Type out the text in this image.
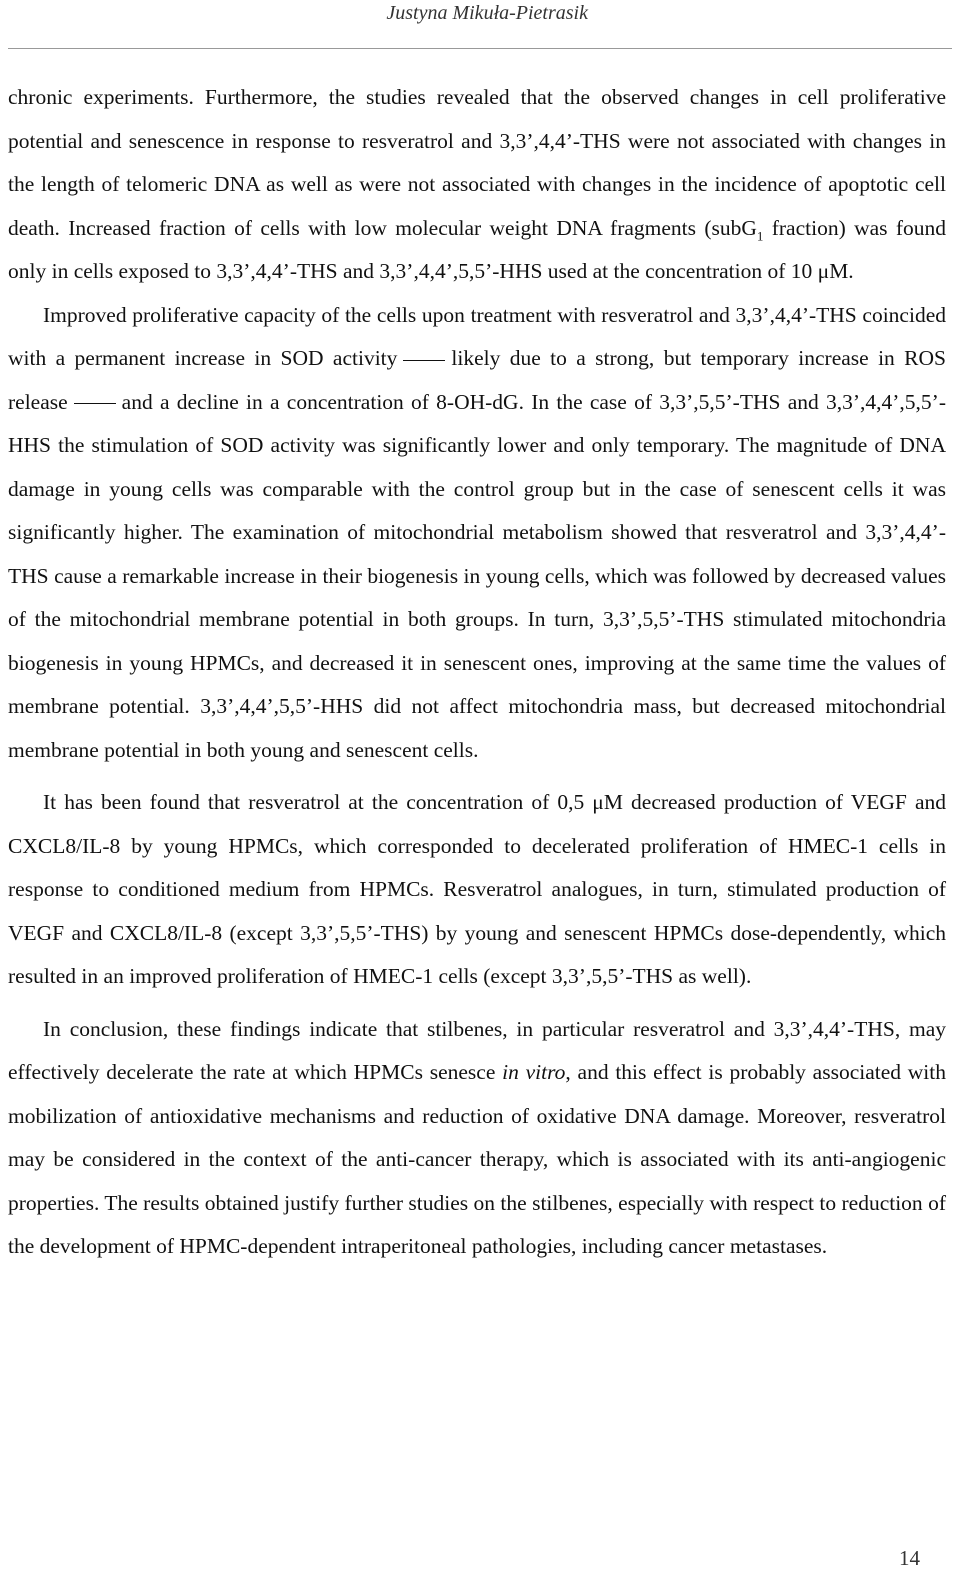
Justyna Mikuła-Pietrasik

chronic experiments. Furthermore, the studies revealed that the observed changes in cell proliferative potential and senescence in response to resveratrol and 3,3’,4,4’-THS were not associated with changes in the length of telomeric DNA as well as were not associated with changes in the incidence of apoptotic cell death. Increased fraction of cells with low molecular weight DNA fragments (subG$_1$ fraction) was found only in cells exposed to 3,3’,4,4’-THS and 3,3’,4,4’,5,5’-HHS used at the concentration of 10 μM.

Improved proliferative capacity of the cells upon treatment with resveratrol and 3,3’,4,4’-THS coincided with a permanent increase in SOD activity	likely due to a strong, but temporary increase in ROS release	and a decline in a concentration of 8-OH-dG. In the case of 3,3’,5,5’-THS and 3,3’,4,4’,5,5’-HHS the stimulation of SOD activity was significantly lower and only temporary. The magnitude of DNA damage in young cells was comparable with the control group but in the case of senescent cells it was significantly higher. The examination of mitochondrial metabolism showed that resveratrol and 3,3’,4,4’-THS cause a remarkable increase in their biogenesis in young cells, which was followed by decreased values of the mitochondrial membrane potential in both groups. In turn, 3,3’,5,5’-THS stimulated mitochondria biogenesis in young HPMCs, and decreased it in senescent ones, improving at the same time the values of membrane potential. 3,3’,4,4’,5,5’-HHS did not affect mitochondria mass, but decreased mitochondrial membrane potential in both young and senescent cells.

It has been found that resveratrol at the concentration of 0,5 μM decreased production of VEGF and CXCL8/IL-8 by young HPMCs, which corresponded to decelerated proliferation of HMEC-1 cells in response to conditioned medium from HPMCs. Resveratrol analogues, in turn, stimulated production of VEGF and CXCL8/IL-8 (except 3,3’,5,5’-THS) by young and senescent HPMCs dose-dependently, which resulted in an improved proliferation of HMEC-1 cells (except 3,3’,5,5’-THS as well).

In conclusion, these findings indicate that stilbenes, in particular resveratrol and 3,3’,4,4’-THS, may effectively decelerate the rate at which HPMCs senesce in vitro, and this effect is probably associated with mobilization of antioxidative mechanisms and reduction of oxidative DNA damage. Moreover, resveratrol may be considered in the context of the anti-cancer therapy, which is associated with its anti-angiogenic properties. The results obtained justify further studies on the stilbenes, especially with respect to reduction of the development of HPMC-dependent intraperitoneal pathologies, including cancer metastases.

14
